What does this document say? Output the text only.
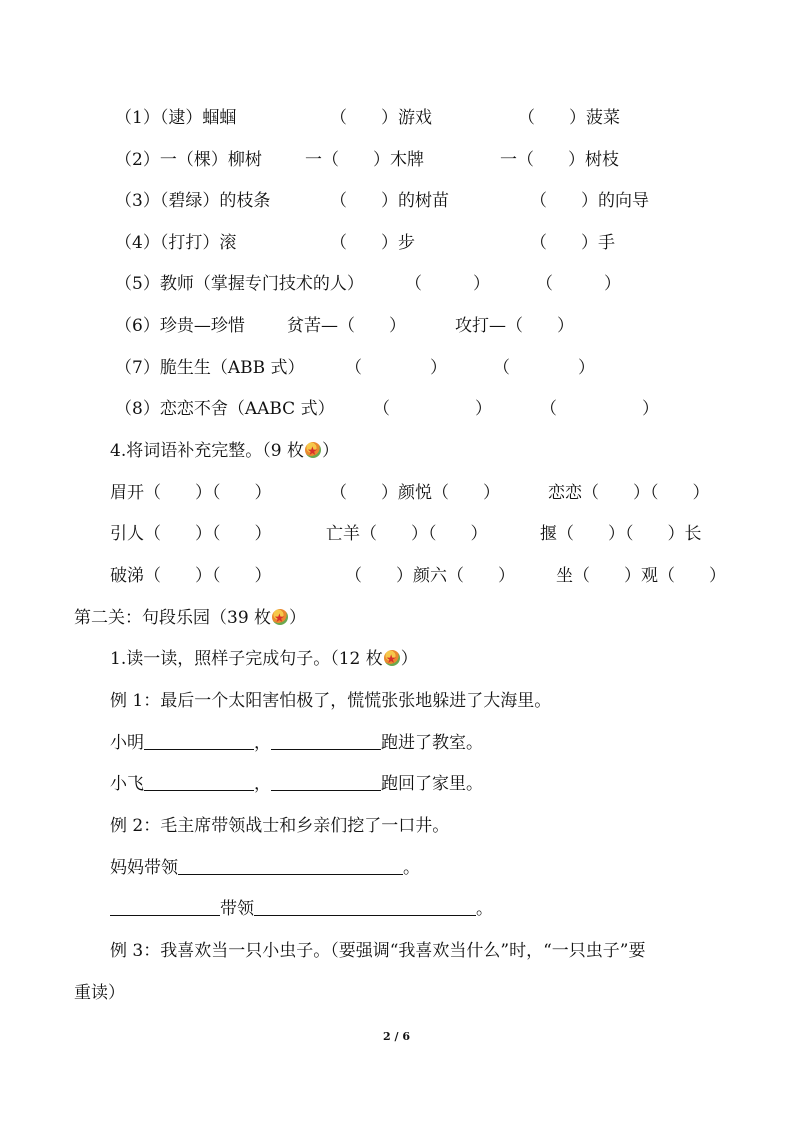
（1）（逮）蝈蝈	（　　）游戏	（　　）菠菜
（2）一（棵）柳树	一（　　）木牌	一（　　）树枝
（3）（碧绿）的枝条	（　　）的树苗	（　　）的向导
（4）（打打）滚	（　　）步	（　　）手
（5）教师（掌握专门技术的人） （　　　）	（　　　）
（6）珍贵—珍惜 贫苦—（　　）	攻打—（　　）
（7）脆生生（ABB 式） （　　　　）	（　　　　）
（8）恋恋不舍（AABC 式） （　　　　　）	（　　　　　）
4.将词语补充完整。（9 枚 ★ ）
眉开（　　）（　　）	（　　）颜悦（　　）	恋恋（　　）（　　）
引人（　　）（　　）	亡羊（　　）（　　）	揠（　　）（　　）长
破涕（　　）（　　）	（　　）颜六（　　） 坐（　　）观（　　）
第二关：句段乐园（39 枚 ★ ）
1.读一读，照样子完成句子。（12 枚 ★ ）
例 1：最后一个太阳害怕极了，慌慌张张地躲进了大海里。
小明	，	跑进了教室。
小飞	，	跑回了家里。
例 2：毛主席带领战士和乡亲们挖了一口井。
妈妈带领	。
带领	。
例 3：我喜欢当一只小虫子。（要强调“我喜欢当什么”时，“一只虫子”要
重读）
2 / 6
